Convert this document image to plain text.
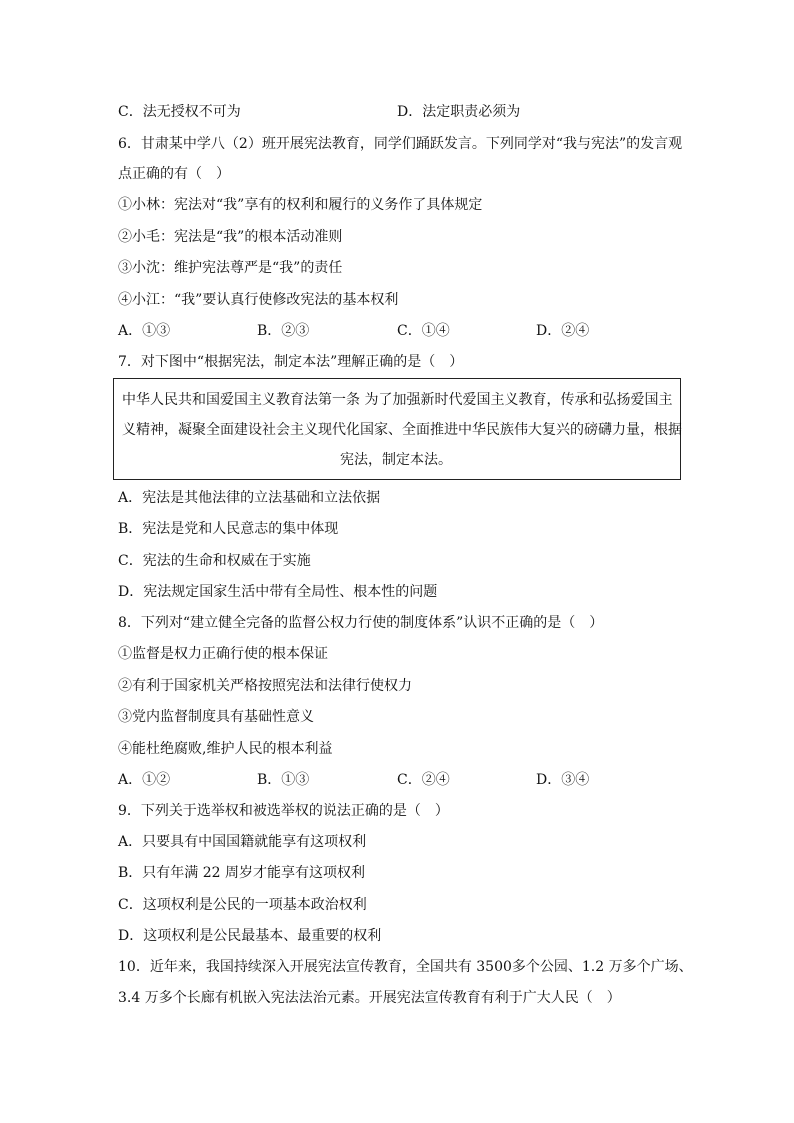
C．法无授权不可为	D．法定职责必须为
6．甘肃某中学八（2）班开展宪法教育，同学们踊跃发言。下列同学对“我与宪法”的发言观
点正确的有（　）
①小林：宪法对“我”享有的权利和履行的义务作了具体规定
②小毛：宪法是“我”的根本活动准则
③小沈：维护宪法尊严是“我”的责任
④小江：“我”要认真行使修改宪法的基本权利
A．①③	B．②③	C．①④	D．②④
7．对下图中“根据宪法，制定本法”理解正确的是（　）
中华人民共和国爱国主义教育法第一条 为了加强新时代爱国主义教育，传承和弘扬爱国主
义精神，凝聚全面建设社会主义现代化国家、全面推进中华民族伟大复兴的磅礴力量，根据
宪法，制定本法。
A．宪法是其他法律的立法基础和立法依据
B．宪法是党和人民意志的集中体现
C．宪法的生命和权威在于实施
D．宪法规定国家生活中带有全局性、根本性的问题
8．下列对“建立健全完备的监督公权力行使的制度体系”认识不正确的是（　）
①监督是权力正确行使的根本保证
②有利于国家机关严格按照宪法和法律行使权力
③党内监督制度具有基础性意义
④能杜绝腐败,维护人民的根本利益
A．①②	B．①③	C．②④	D．③④
9．下列关于选举权和被选举权的说法正确的是（　）
A．只要具有中国国籍就能享有这项权利
B．只有年满 22 周岁才能享有这项权利
C．这项权利是公民的一项基本政治权利
D．这项权利是公民最基本、最重要的权利
10．近年来，我国持续深入开展宪法宣传教育，全国共有 3500多个公园、1.2 万多个广场、
3.4 万多个长廊有机嵌入宪法法治元素。开展宪法宣传教育有利于广大人民（　）
